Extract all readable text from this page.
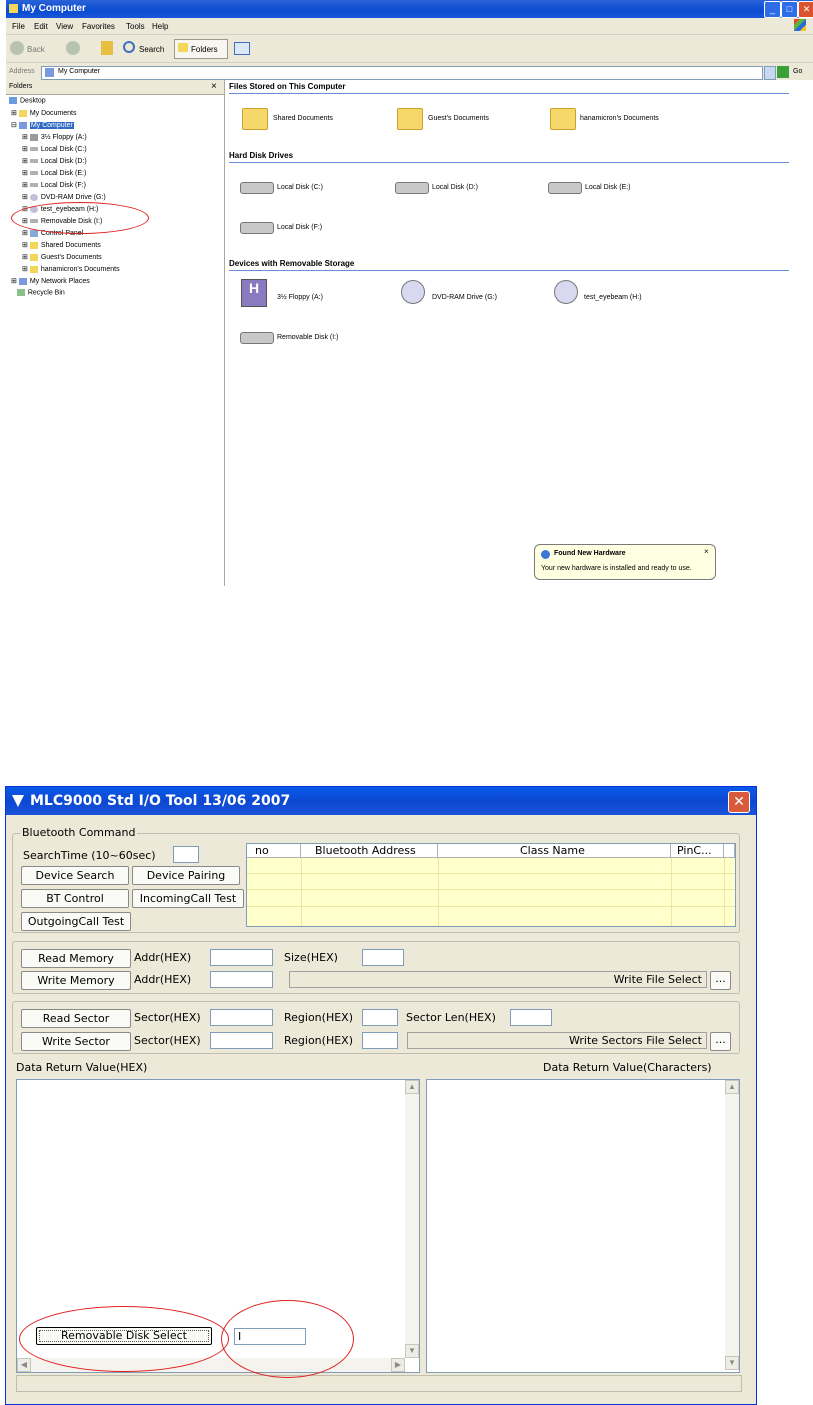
My Computer	_	□	✕
File Edit View Favorites Tools Help
Back	Search	Folders
Address	My Computer	Go
Folders	×
Desktop
⊞ My Documents
⊟ My Computer
⊞ 3½ Floppy (A:)
⊞ Local Disk (C:)
⊞ Local Disk (D:)
⊞ Local Disk (E:)
⊞ Local Disk (F:)
⊞ DVD-RAM Drive (G:)
⊞ test_eyebeam (H:)
⊞ Removable Disk (I:)
⊞ Control Panel
⊞ Shared Documents
⊞ Guest's Documents
⊞ hanamicron's Documents
⊞ My Network Places
Recycle Bin
Files Stored on This Computer
Shared Documents	Guest's Documents	hanamicron's Documents
Hard Disk Drives
Local Disk (C:)	Local Disk (D:)	Local Disk (E:)
Local Disk (F:)
Devices with Removable Storage
H
3½ Floppy (A:)	DVD-RAM Drive (G:)	test_eyebeam (H:)
Removable Disk (I:)
Found New Hardware	×
Your new hardware is installed and ready to use.
MLC9000 Std I/O Tool 13/06 2007	✕
Bluetooth Command
SearchTime (10~60sec)
Device Search	Device Pairing
BT Control	IncomingCall Test
OutgoingCall Test
no	Bluetooth Address	Class Name	PinC...
Read Memory	Addr(HEX)	Size(HEX)
Write Memory	Addr(HEX)	Write File Select	...
Read Sector	Sector(HEX)	Region(HEX)	Sector Len(HEX)
Write Sector	Sector(HEX)	Region(HEX)	Write Sectors File Select	...
Data Return Value(HEX)	Data Return Value(Characters)
▲
▼
◀	▶
▲
▼
Removable Disk Select
I
